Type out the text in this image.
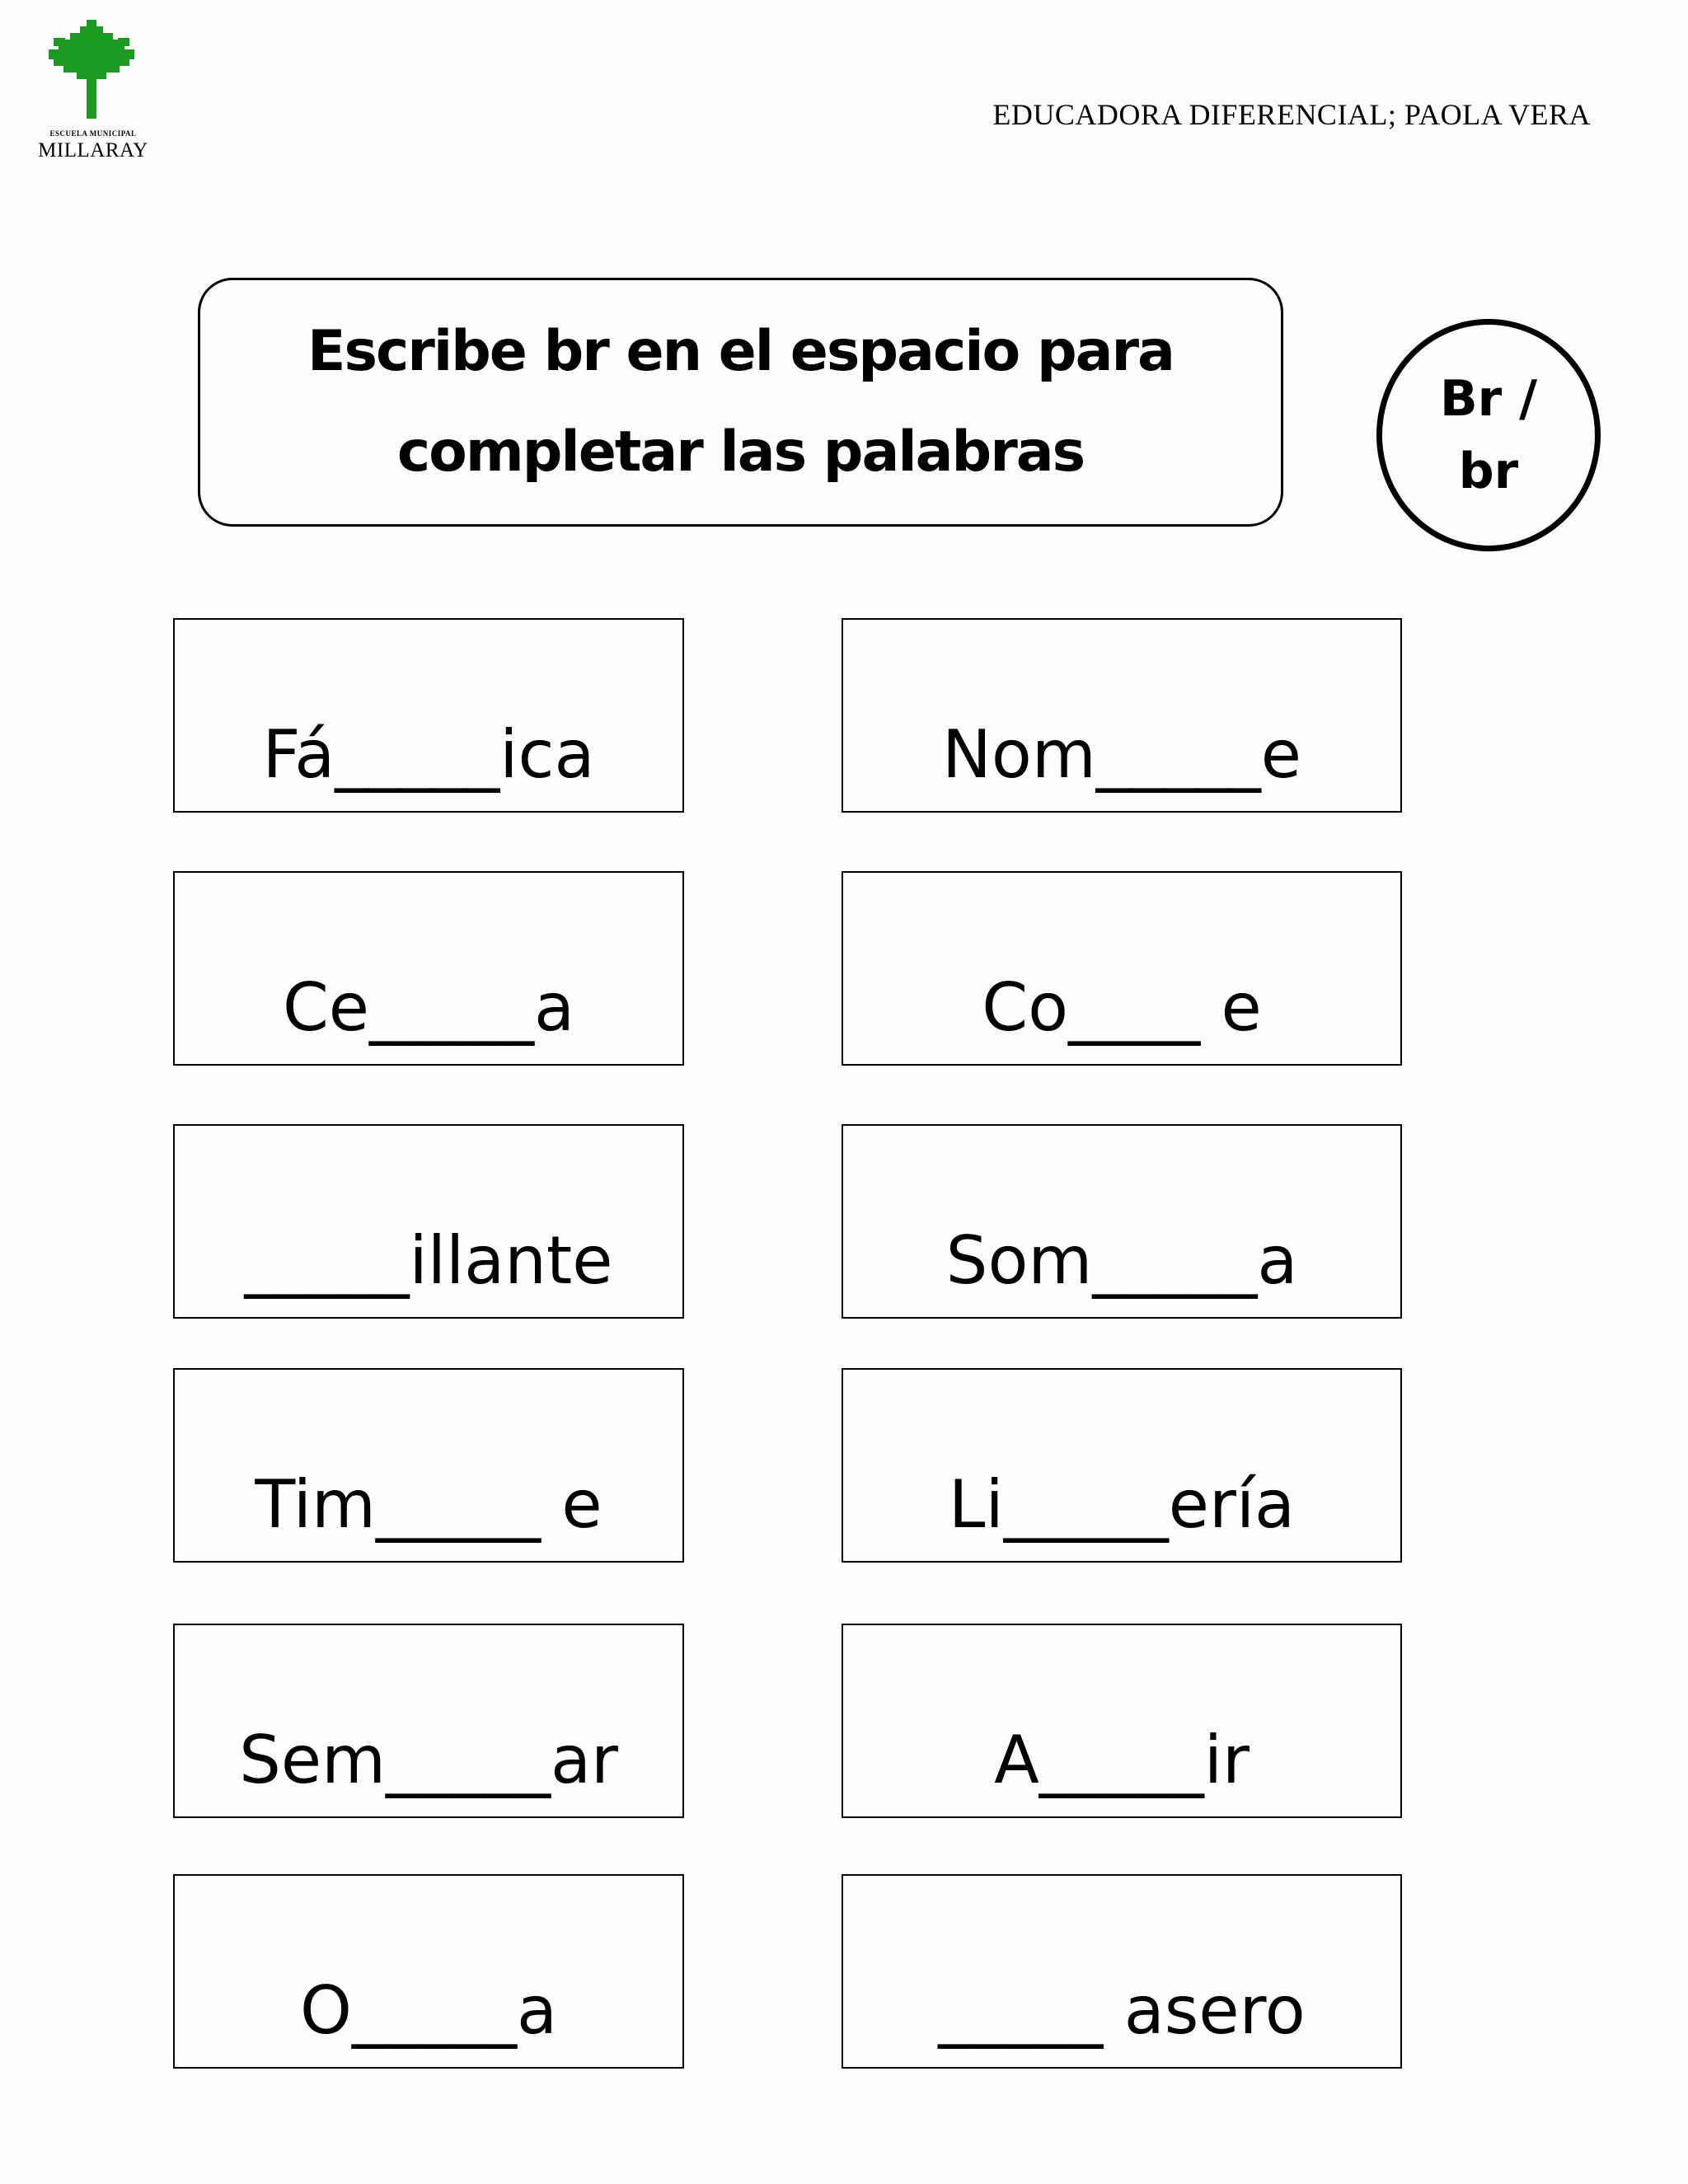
ESCUELA MUNICIPAL
MILLARAY
EDUCADORA DIFERENCIAL; PAOLA VERA
Escribe br en el espacio para completar las palabras
Br / br
Fá_____ica	Nom_____e
Ce_____a	Co____ e
_____illante	Som_____a
Tim_____ e	Li_____ería
Sem_____ar	A_____ir
O_____a	_____ asero
